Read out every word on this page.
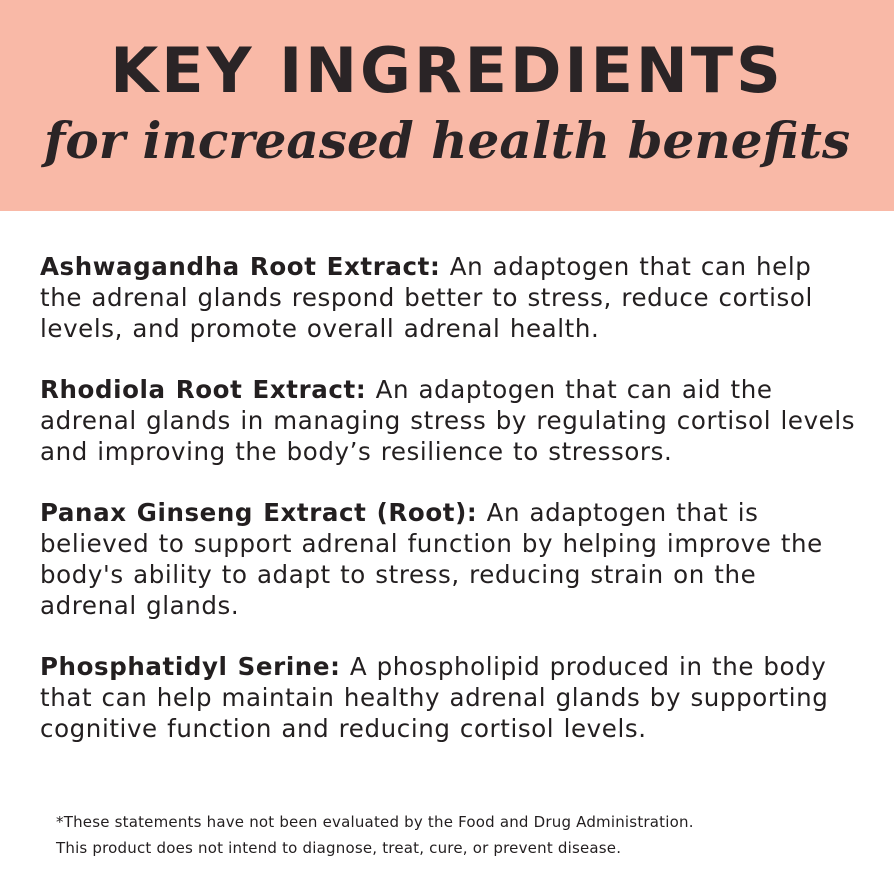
KEY INGREDIENTS
for increased health benefits

Ashwagandha Root Extract: An adaptogen that can help the adrenal glands respond better to stress, reduce cortisol levels, and promote overall adrenal health.

Rhodiola Root Extract: An adaptogen that can aid the adrenal glands in managing stress by regulating cortisol levels and improving the body’s resilience to stressors.

Panax Ginseng Extract (Root): An adaptogen that is believed to support adrenal function by helping improve the body's ability to adapt to stress, reducing strain on the adrenal glands.

Phosphatidyl Serine: A phospholipid produced in the body that can help maintain healthy adrenal glands by supporting cognitive function and reducing cortisol levels.

*These statements have not been evaluated by the Food and Drug Administration.
This product does not intend to diagnose, treat, cure, or prevent disease.
